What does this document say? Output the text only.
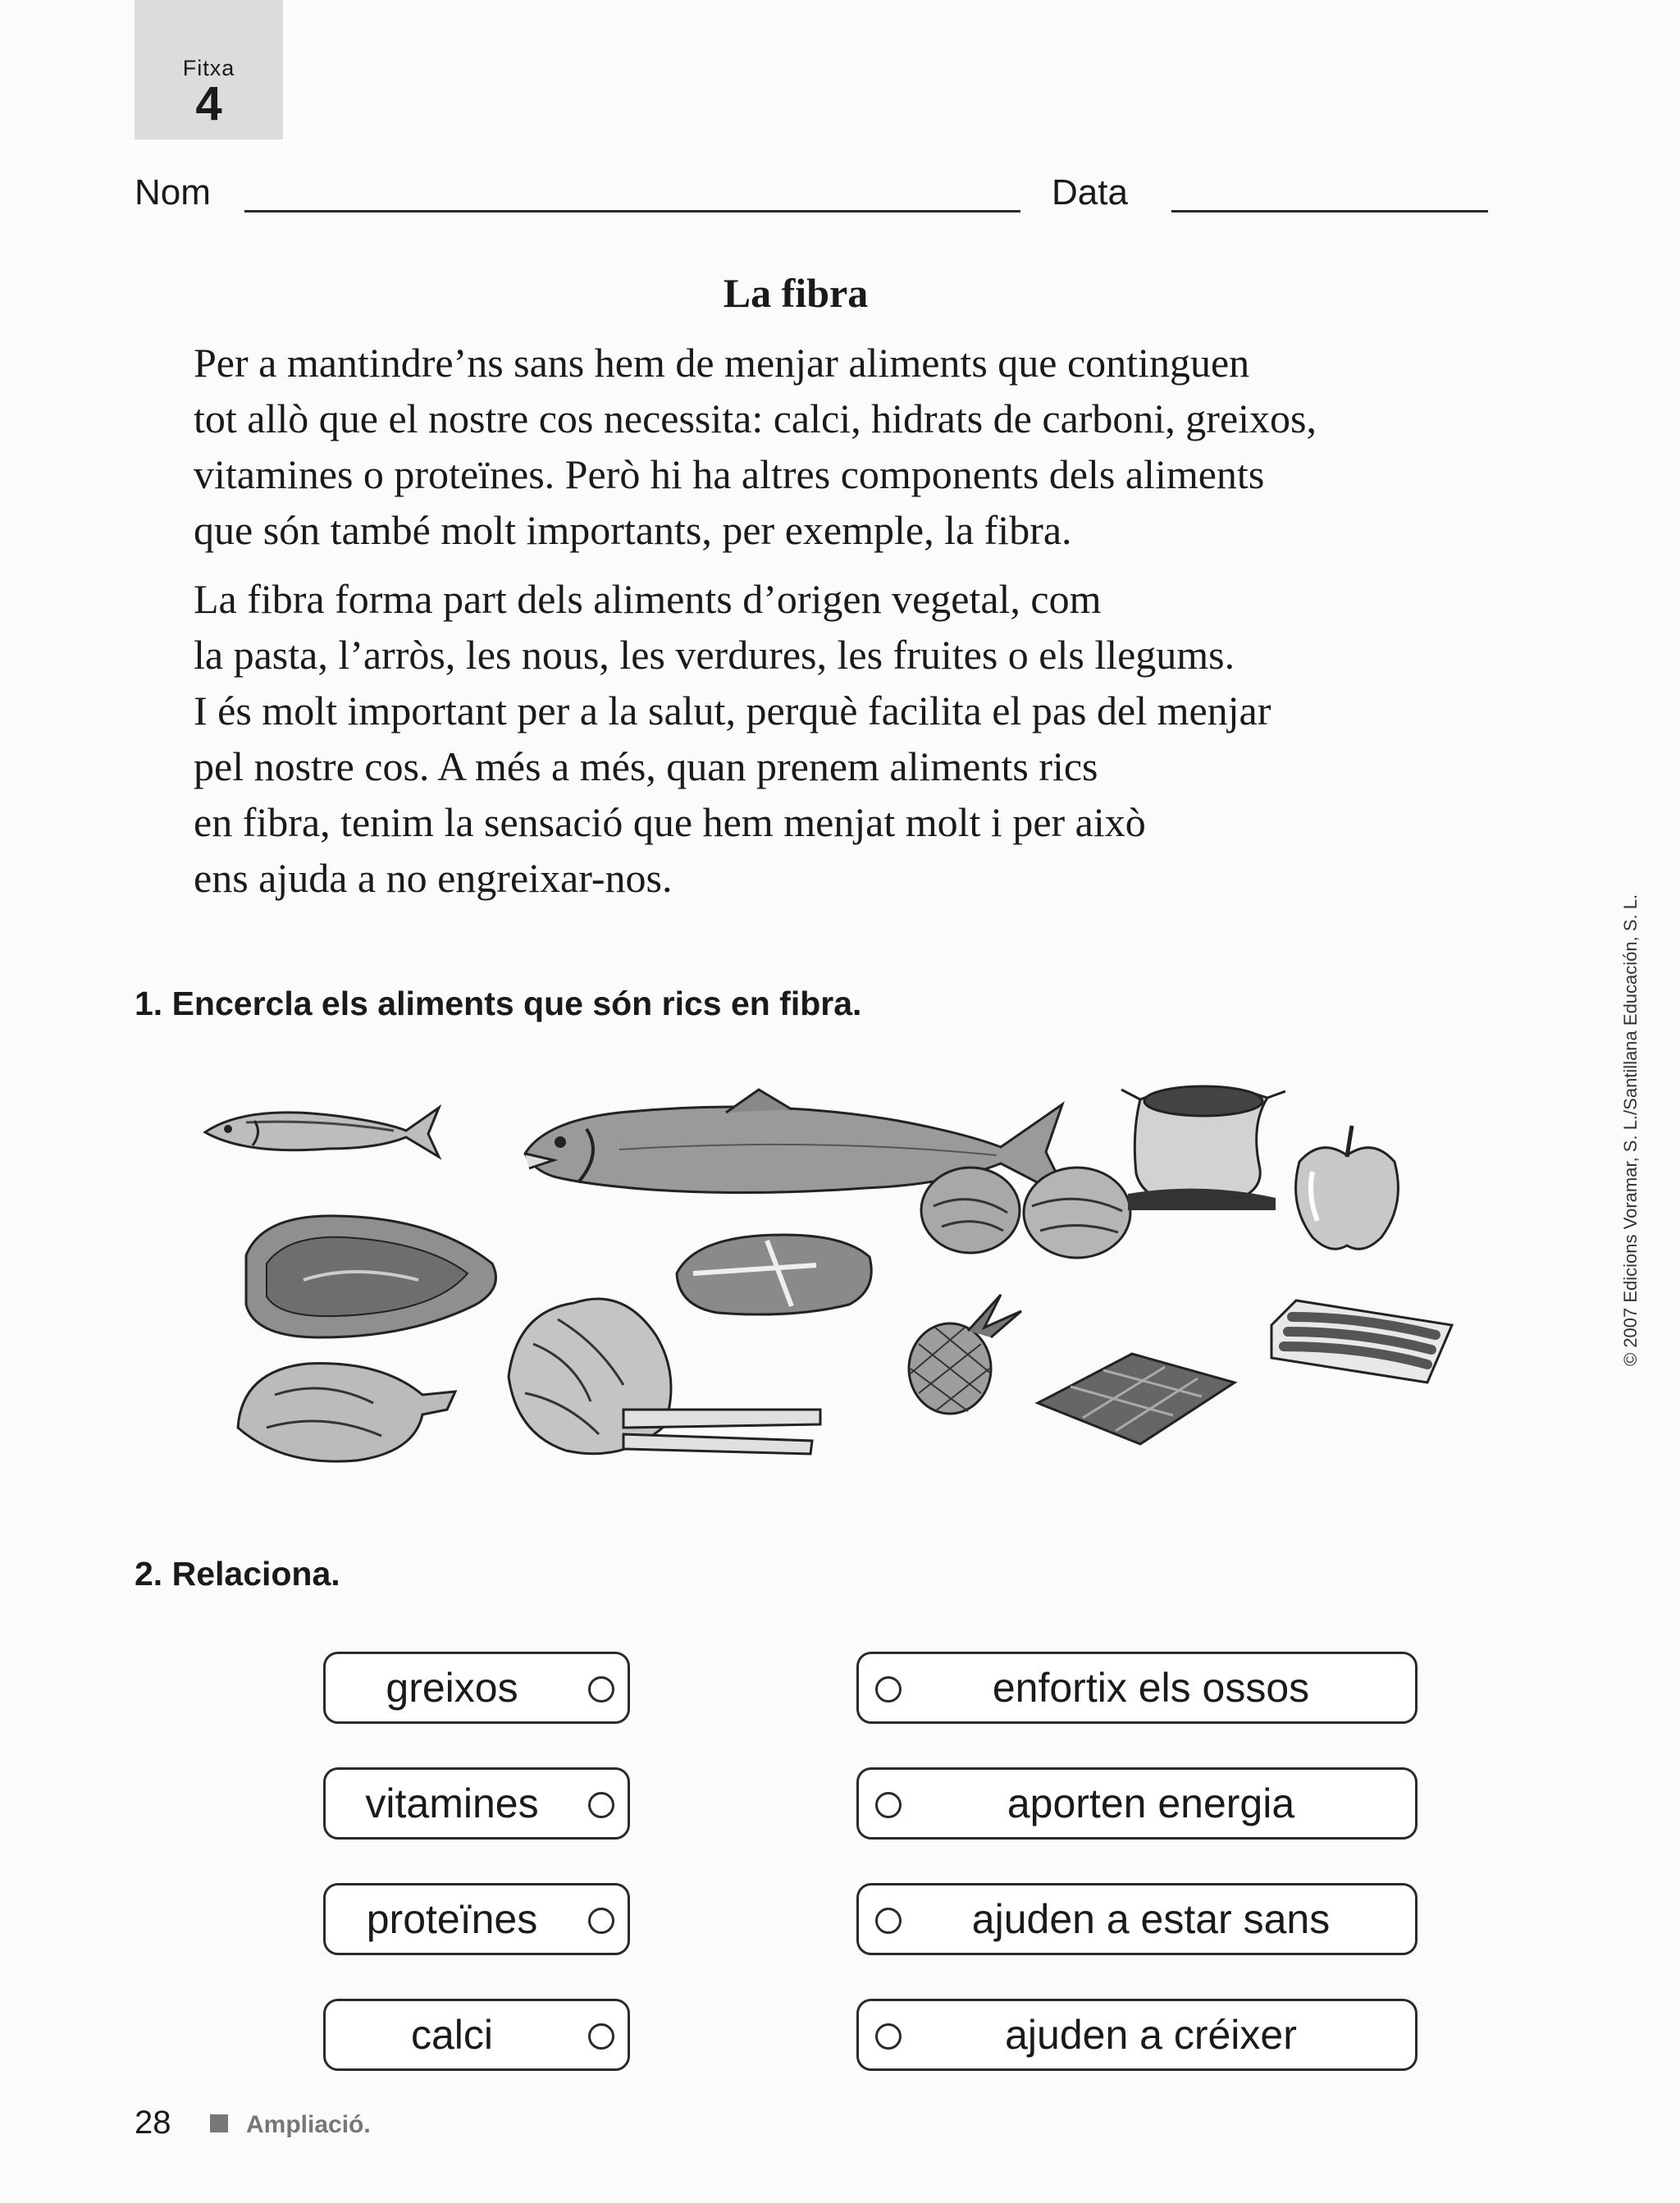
Fitxa
4
Nom	Data
La fibra

Per a mantindre’ns sans hem de menjar aliments que continguen
tot allò que el nostre cos necessita: calci, hidrats de carboni, greixos,
vitamines o proteïnes. Però hi ha altres components dels aliments
que són també molt importants, per exemple, la fibra.

La fibra forma part dels aliments d’origen vegetal, com
la pasta, l’arròs, les nous, les verdures, les fruites o els llegums.
I és molt important per a la salut, perquè facilita el pas del menjar
pel nostre cos. A més a més, quan prenem aliments rics
en fibra, tenim la sensació que hem menjat molt i per això
ens ajuda a no engreixar-nos.

© 2007 Edicions Voramar, S. L./Santillana Educación, S. L.
1. Encercla els aliments que són rics en fibra.
2. Relaciona.
greixos
vitamines
proteïnes
calci
enfortix els ossos
aporten energia
ajuden a estar sans
ajuden a créixer
28	Ampliació.
